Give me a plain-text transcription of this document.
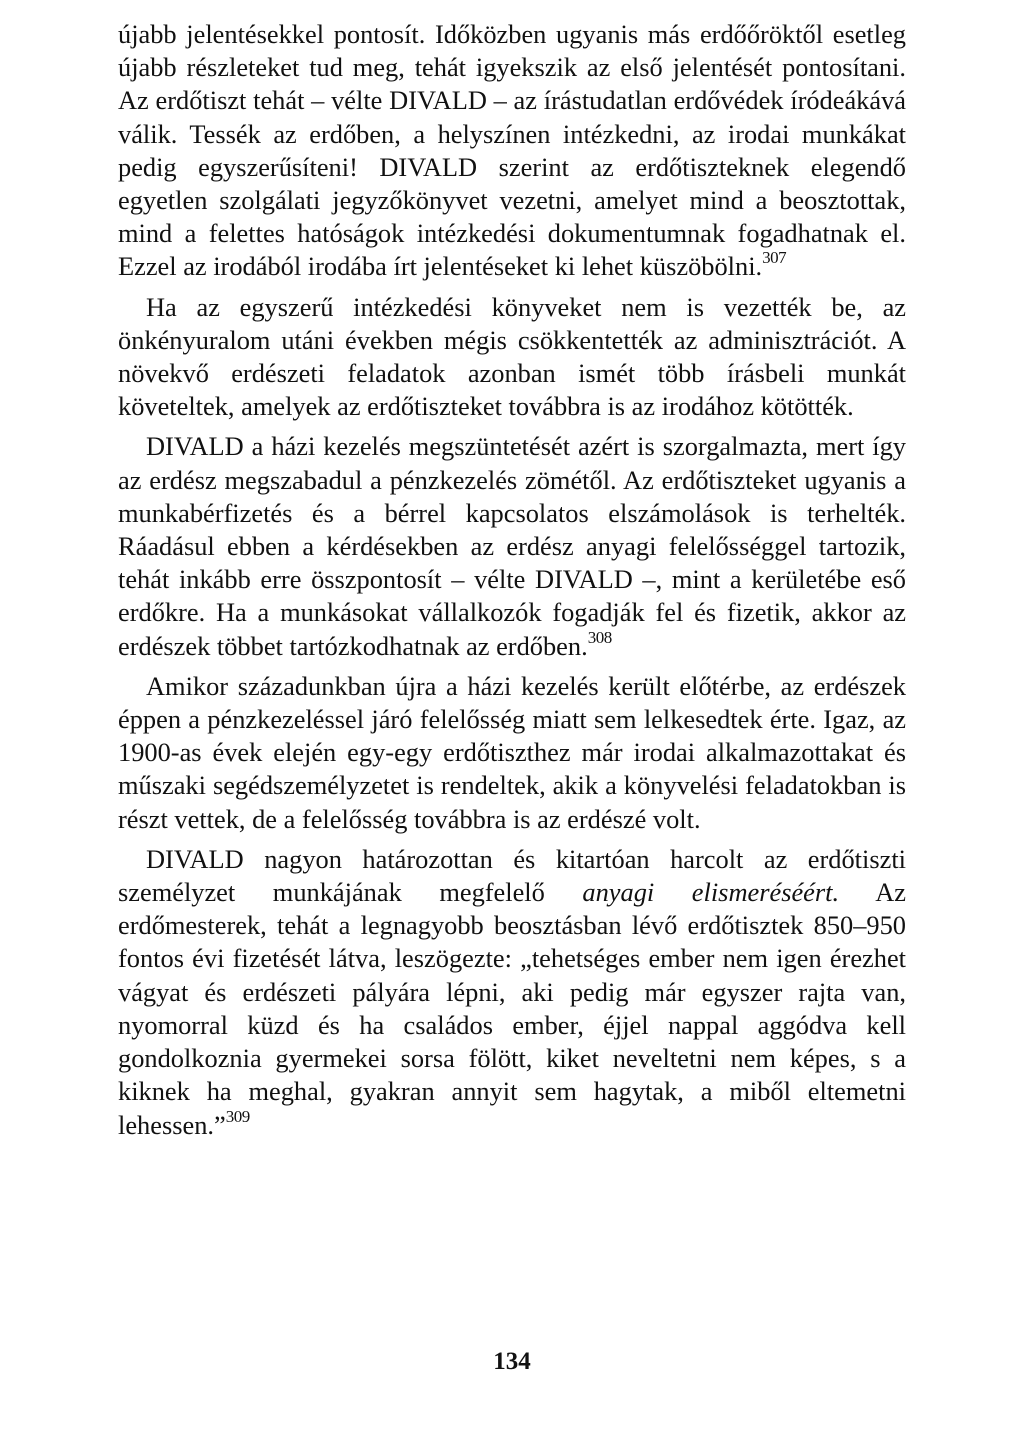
újabb jelentésekkel pontosít. Időközben ugyanis más erdőőröktől esetleg újabb részleteket tud meg, tehát igyekszik az első jelentését pontosítani. Az erdőtiszt tehát – vélte DIVALD – az írástudatlan erdővédek íródeákává válik. Tessék az erdőben, a helyszínen intézkedni, az irodai munkákat pedig egyszerűsíteni! DIVALD szerint az erdőtiszteknek elegendő egyetlen szolgálati jegyzőkönyvet vezetni, amelyet mind a beosztottak, mind a felettes hatóságok intézkedési dokumentumnak fogadhatnak el. Ezzel az irodából irodába írt jelentéseket ki lehet küszöbölni.$^{307}$

Ha az egyszerű intézkedési könyveket nem is vezették be, az önkényuralom utáni években mégis csökkentették az adminisztrációt. A növekvő erdészeti feladatok azonban ismét több írásbeli munkát követeltek, amelyek az erdőtiszteket továbbra is az irodához kötötték.

DIVALD a házi kezelés megszüntetését azért is szorgalmazta, mert így az erdész megszabadul a pénzkezelés zömétől. Az erdőtiszteket ugyanis a munkabérfizetés és a bérrel kapcsolatos elszámolások is terhelték. Ráadásul ebben a kérdésekben az erdész anyagi felelősséggel tartozik, tehát inkább erre összpontosít – vélte DIVALD –, mint a kerületébe eső erdőkre. Ha a munkásokat vállalkozók fogadják fel és fizetik, akkor az erdészek többet tartózkodhatnak az erdőben.$^{308}$

Amikor századunkban újra a házi kezelés került előtérbe, az erdészek éppen a pénzkezeléssel járó felelősség miatt sem lelkesedtek érte. Igaz, az 1900-as évek elején egy-egy erdőtiszthez már irodai alkalmazottakat és műszaki segédszemélyzetet is rendeltek, akik a könyvelési feladatokban is részt vettek, de a felelősség továbbra is az erdészé volt.

DIVALD nagyon határozottan és kitartóan harcolt az erdőtiszti személyzet munkájának megfelelő anyagi elismeréséért. Az erdőmesterek, tehát a legnagyobb beosztásban lévő erdőtisztek 850–950 fontos évi fizetését látva, leszögezte: „tehetséges ember nem igen érezhet vágyat és erdészeti pályára lépni, aki pedig már egyszer rajta van, nyomorral küzd és ha családos ember, éjjel nappal aggódva kell gondolkoznia gyermekei sorsa fölött, kiket neveltetni nem képes, s a kiknek ha meghal, gyakran annyit sem hagytak, a miből eltemetni lehessen.”$^{309}$

134
